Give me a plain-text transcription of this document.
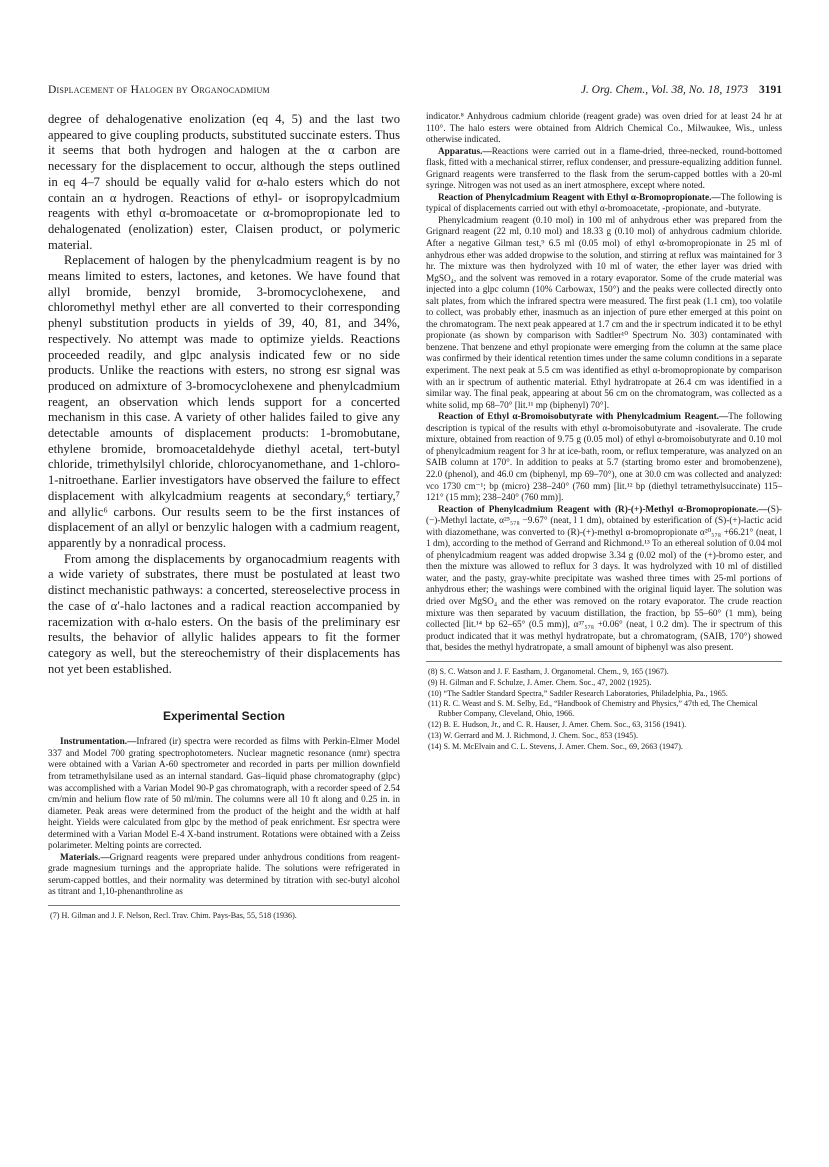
Displacement of Halogen by Organocadmium	J. Org. Chem., Vol. 38, No. 18, 1973 3191

degree of dehalogenative enolization (eq 4, 5) and the last two appeared to give coupling products, substituted succinate esters. Thus it seems that both hydrogen and halogen at the α carbon are necessary for the displacement to occur, although the steps outlined in eq 4–7 should be equally valid for α-halo esters which do not contain an α hydrogen. Reactions of ethyl- or isopropylcadmium reagents with ethyl α-bromoacetate or α-bromopropionate led to dehalogenated (enolization) ester, Claisen product, or polymeric material.

Replacement of halogen by the phenylcadmium reagent is by no means limited to esters, lactones, and ketones. We have found that allyl bromide, benzyl bromide, 3-bromocyclohexene, and chloromethyl methyl ether are all converted to their corresponding phenyl substitution products in yields of 39, 40, 81, and 34%, respectively. No attempt was made to optimize yields. Reactions proceeded readily, and glpc analysis indicated few or no side products. Unlike the reactions with esters, no strong esr signal was produced on admixture of 3-bromocyclohexene and phenylcadmium reagent, an observation which lends support for a concerted mechanism in this case. A variety of other halides failed to give any detectable amounts of displacement products: 1-bromobutane, ethylene bromide, bromoacetaldehyde diethyl acetal, tert-butyl chloride, trimethylsilyl chloride, chlorocyanomethane, and 1-chloro-1-nitroethane. Earlier investigators have observed the failure to effect displacement with alkylcadmium reagents at secondary,⁶ tertiary,⁷ and allylic⁶ carbons. Our results seem to be the first instances of displacement of an allyl or benzylic halogen with a cadmium reagent, apparently by a nonradical process.

From among the displacements by organocadmium reagents with a wide variety of substrates, there must be postulated at least two distinct mechanistic pathways: a concerted, stereoselective process in the case of α′-halo lactones and a radical reaction accompanied by racemization with α-halo esters. On the basis of the preliminary esr results, the behavior of allylic halides appears to fit the former category as well, but the stereochemistry of their displacements has not yet been established.

Experimental Section

Instrumentation.—Infrared (ir) spectra were recorded as films with Perkin-Elmer Model 337 and Model 700 grating spectrophotometers. Nuclear magnetic resonance (nmr) spectra were obtained with a Varian A-60 spectrometer and recorded in parts per million downfield from tetramethylsilane used as an internal standard. Gas–liquid phase chromatography (glpc) was accomplished with a Varian Model 90-P gas chromatograph, with a recorder speed of 2.54 cm/min and helium flow rate of 50 ml/min. The columns were all 10 ft along and 0.25 in. in diameter. Peak areas were determined from the product of the height and the width at half height. Yields were calculated from glpc by the method of peak enrichment. Esr spectra were determined with a Varian Model E-4 X-band instrument. Rotations were obtained with a Zeiss polarimeter. Melting points are corrected.

Materials.—Grignard reagents were prepared under anhydrous conditions from reagent-grade magnesium turnings and the appropriate halide. The solutions were refrigerated in serum-capped bottles, and their normality was determined by titration with sec-butyl alcohol as titrant and 1,10-phenanthroline as

(7) H. Gilman and J. F. Nelson, Recl. Trav. Chim. Pays-Bas, 55, 518 (1936).

indicator.⁸ Anhydrous cadmium chloride (reagent grade) was oven dried for at least 24 hr at 110°. The halo esters were obtained from Aldrich Chemical Co., Milwaukee, Wis., unless otherwise indicated.

Apparatus.—Reactions were carried out in a flame-dried, three-necked, round-bottomed flask, fitted with a mechanical stirrer, reflux condenser, and pressure-equalizing addition funnel. Grignard reagents were transferred to the flask from the serum-capped bottles with a 20-ml syringe. Nitrogen was not used as an inert atmosphere, except where noted.

Reaction of Phenylcadmium Reagent with Ethyl α-Bromopropionate.—The following is typical of displacements carried out with ethyl α-bromoacetate, -propionate, and -butyrate.

Phenylcadmium reagent (0.10 mol) in 100 ml of anhydrous ether was prepared from the Grignard reagent (22 ml, 0.10 mol) and 18.33 g (0.10 mol) of anhydrous cadmium chloride. After a negative Gilman test,⁹ 6.5 ml (0.05 mol) of ethyl α-bromopropionate in 25 ml of anhydrous ether was added dropwise to the solution, and stirring at reflux was maintained for 3 hr. The mixture was then hydrolyzed with 10 ml of water, the ether layer was dried with MgSO₄, and the solvent was removed in a rotary evaporator. Some of the crude material was injected into a glpc column (10% Carbowax, 150°) and the peaks were collected directly onto salt plates, from which the infrared spectra were measured. The first peak (1.1 cm), too volatile to collect, was probably ether, inasmuch as an injection of pure ether emerged at this point on the chromatogram. The next peak appeared at 1.7 cm and the ir spectrum indicated it to be ethyl propionate (as shown by comparison with Sadtler¹⁰ Spectrum No. 303) contaminated with benzene. That benzene and ethyl propionate were emerging from the column at the same place was confirmed by their identical retention times under the same column conditions in a separate experiment. The next peak at 5.5 cm was identified as ethyl α-bromopropionate by comparison with an ir spectrum of authentic material. Ethyl hydratropate at 26.4 cm was identified in a similar way. The final peak, appearing at about 56 cm on the chromatogram, was collected as a white solid, mp 68–70° [lit.¹¹ mp (biphenyl) 70°].

Reaction of Ethyl α-Bromoisobutyrate with Phenylcadmium Reagent.—The following description is typical of the results with ethyl α-bromoisobutyrate and -isovalerate. The crude mixture, obtained from reaction of 9.75 g (0.05 mol) of ethyl α-bromoisobutyrate and 0.10 mol of phenylcadmium reagent for 3 hr at ice-bath, room, or reflux temperature, was analyzed on an SAIB column at 170°. In addition to peaks at 5.7 (starting bromo ester and bromobenzene), 22.0 (phenol), and 46.0 cm (biphenyl, mp 69–70°), one at 30.0 cm was collected and analyzed: νco 1730 cm⁻¹; bp (micro) 238–240° (760 mm) [lit.¹² bp (diethyl tetramethylsuccinate) 115–121° (15 mm); 238–240° (760 mm)].

Reaction of Phenylcadmium Reagent with (R)-(+)-Methyl α-Bromopropionate.—(S)-(−)-Methyl lactate, α²⁵₅₇₈ −9.67° (neat, l 1 dm), obtained by esterification of (S)-(+)-lactic acid with diazomethane, was converted to (R)-(+)-methyl α-bromopropionate α²⁰₅₇₈ +66.21° (neat, l 1 dm), according to the method of Gerrand and Richmond.¹³ To an ethereal solution of 0.04 mol of phenylcadmium reagent was added dropwise 3.34 g (0.02 mol) of the (+)-bromo ester, and then the mixture was allowed to reflux for 3 days. It was hydrolyzed with 10 ml of distilled water, and the pasty, gray-white precipitate was washed three times with 25-ml portions of anhydrous ether; the washings were combined with the original liquid layer. The solution was dried over MgSO₄ and the ether was removed on the rotary evaporator. The crude reaction mixture was then separated by vacuum distillation, the fraction, bp 55–60° (1 mm), being collected [lit.¹⁴ bp 62–65° (0.5 mm)], α³⁷₅₇₈ +0.06° (neat, l 0.2 dm). The ir spectrum of this product indicated that it was methyl hydratropate, but a chromatogram, (SAIB, 170°) showed that, besides the methyl hydratropate, a small amount of biphenyl was also present.

(8) S. C. Watson and J. F. Eastham, J. Organometal. Chem., 9, 165 (1967).

(9) H. Gilman and F. Schulze, J. Amer. Chem. Soc., 47, 2002 (1925).

(10) “The Sadtler Standard Spectra,” Sadtler Research Laboratories, Philadelphia, Pa., 1965.

(11) R. C. Weast and S. M. Selby, Ed., “Handbook of Chemistry and Physics,” 47th ed, The Chemical Rubber Company, Cleveland, Ohio, 1966.

(12) B. E. Hudson, Jr., and C. R. Hauser, J. Amer. Chem. Soc., 63, 3156 (1941).

(13) W. Gerrard and M. J. Richmond, J. Chem. Soc., 853 (1945).

(14) S. M. McElvain and C. L. Stevens, J. Amer. Chem. Soc., 69, 2663 (1947).
